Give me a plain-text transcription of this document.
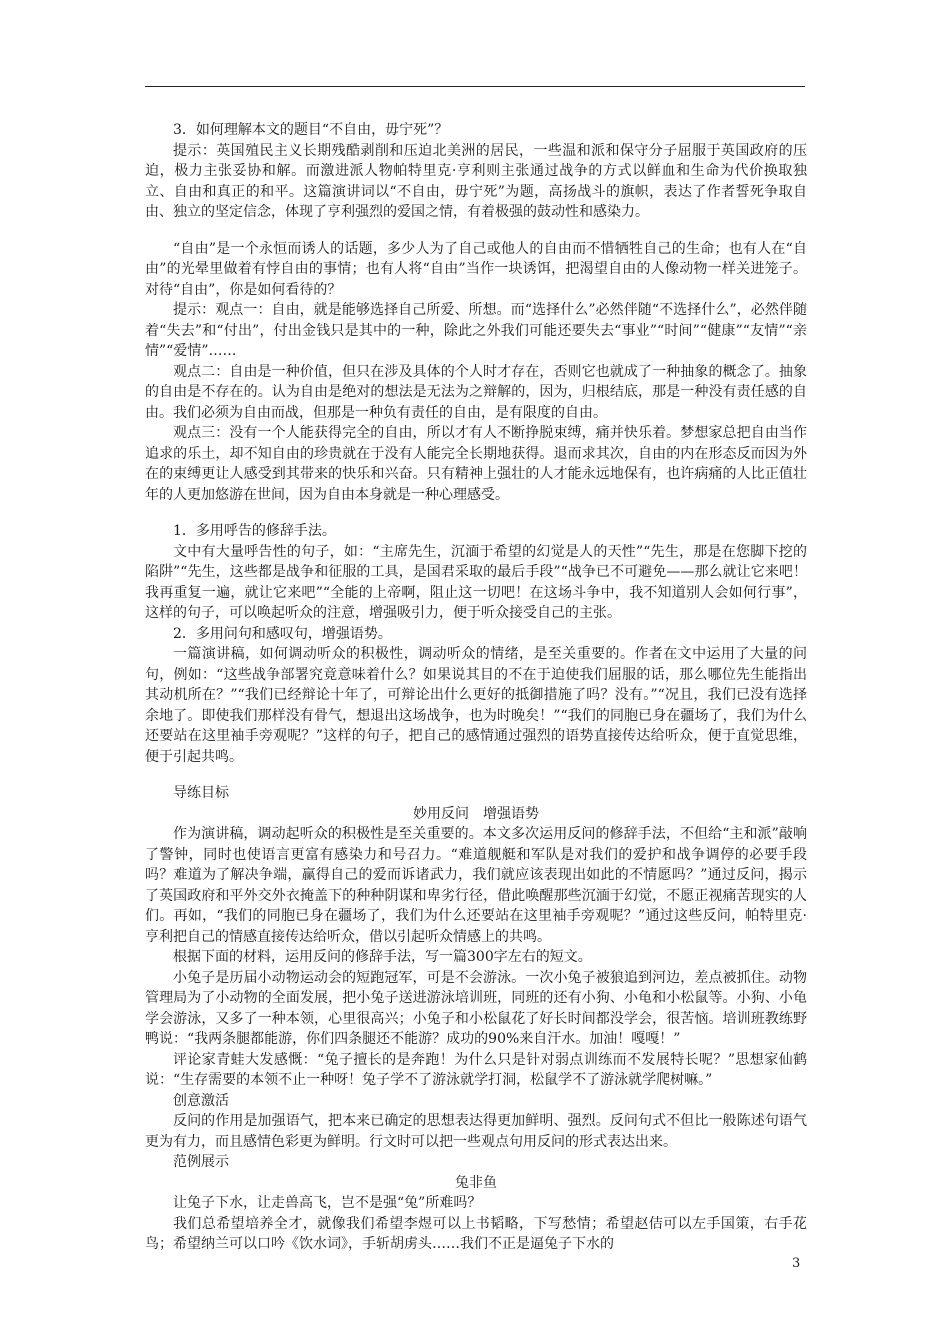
3．如何理解本文的题目“不自由，毋宁死”？

提示：英国殖民主义长期残酷剥削和压迫北美洲的居民，一些温和派和保守分子屈服于英国政府的压迫，极力主张妥协和解。而激进派人物帕特里克·亨利则主张通过战争的方式以鲜血和生命为代价换取独立、自由和真正的和平。这篇演讲词以“不自由，毋宁死”为题，高扬战斗的旗帜，表达了作者誓死争取自由、独立的坚定信念，体现了亨利强烈的爱国之情，有着极强的鼓动性和感染力。

“自由”是一个永恒而诱人的话题，多少人为了自己或他人的自由而不惜牺牲自己的生命；也有人在“自由”的光晕里做着有悖自由的事情；也有人将“自由”当作一块诱饵，把渴望自由的人像动物一样关进笼子。对待“自由”，你是如何看待的？

提示：观点一：自由，就是能够选择自己所爱、所想。而“选择什么”必然伴随“不选择什么”，必然伴随着“失去”和“付出”，付出金钱只是其中的一种，除此之外我们可能还要失去“事业”“时间”“健康”“友情”“亲情”“爱情”……

观点二：自由是一种价值，但只在涉及具体的个人时才存在，否则它也就成了一种抽象的概念了。抽象的自由是不存在的。认为自由是绝对的想法是无法为之辩解的，因为，归根结底，那是一种没有责任感的自由。我们必须为自由而战，但那是一种负有责任的自由，是有限度的自由。

观点三：没有一个人能获得完全的自由，所以才有人不断挣脱束缚，痛并快乐着。梦想家总把自由当作追求的乐土，却不知自由的珍贵就在于没有人能完全长期地获得。退而求其次，自由的内在形态反而因为外在的束缚更让人感受到其带来的快乐和兴奋。只有精神上强壮的人才能永远地保有，也许病痛的人比正值壮年的人更加悠游在世间，因为自由本身就是一种心理感受。

1．多用呼告的修辞手法。

文中有大量呼告性的句子，如：“主席先生，沉湎于希望的幻觉是人的天性”“先生，那是在您脚下挖的陷阱”“先生，这些都是战争和征服的工具，是国君采取的最后手段”“战争已不可避免——那么就让它来吧！我再重复一遍，就让它来吧”“全能的上帝啊，阻止这一切吧！在这场斗争中，我不知道别人会如何行事”，这样的句子，可以唤起听众的注意，增强吸引力，便于听众接受自己的主张。

2．多用问句和感叹句，增强语势。

一篇演讲稿，如何调动听众的积极性，调动听众的情绪，是至关重要的。作者在文中运用了大量的问句，例如：“这些战争部署究竟意味着什么？如果说其目的不在于迫使我们屈服的话，那么哪位先生能指出其动机所在？”“我们已经辩论十年了，可辩论出什么更好的抵御措施了吗？没有。”“况且，我们已没有选择余地了。即使我们那样没有骨气，想退出这场战争，也为时晚矣！”“我们的同胞已身在疆场了，我们为什么还要站在这里袖手旁观呢？”这样的句子，把自己的感情通过强烈的语势直接传达给听众，便于直觉思维，便于引起共鸣。

导练目标

妙用反问　增强语势

作为演讲稿，调动起听众的积极性是至关重要的。本文多次运用反问的修辞手法，不但给“主和派”敲响了警钟，同时也使语言更富有感染力和号召力。“难道舰艇和军队是对我们的爱护和战争调停的必要手段吗？难道为了解决争端，赢得自己的爱而诉诸武力，我们就应该表现出如此的不情愿吗？”通过反问，揭示了英国政府和平外交外衣掩盖下的种种阴谋和卑劣行径，借此唤醒那些沉湎于幻觉，不愿正视痛苦现实的人们。再如，“我们的同胞已身在疆场了，我们为什么还要站在这里袖手旁观呢？”通过这些反问，帕特里克·亨利把自己的情感直接传达给听众，借以引起听众情感上的共鸣。

根据下面的材料，运用反问的修辞手法，写一篇300字左右的短文。

小兔子是历届小动物运动会的短跑冠军，可是不会游泳。一次小兔子被狼追到河边，差点被抓住。动物管理局为了小动物的全面发展，把小兔子送进游泳培训班，同班的还有小狗、小龟和小松鼠等。小狗、小龟学会游泳，又多了一种本领，心里很高兴；小兔子和小松鼠花了好长时间都没学会，很苦恼。培训班教练野鸭说：“我两条腿都能游，你们四条腿还不能游？成功的90%来自汗水。加油！嘎嘎！”

评论家青蛙大发感慨：“兔子擅长的是奔跑！为什么只是针对弱点训练而不发展特长呢？”思想家仙鹤说：“生存需要的本领不止一种呀！兔子学不了游泳就学打洞，松鼠学不了游泳就学爬树嘛。”

创意激活

反问的作用是加强语气，把本来已确定的思想表达得更加鲜明、强烈。反问句式不但比一般陈述句语气更为有力，而且感情色彩更为鲜明。行文时可以把一些观点句用反问的形式表达出来。

范例展示

兔非鱼

让兔子下水，让走兽高飞，岂不是强“兔”所难吗？

我们总希望培养全才，就像我们希望李煜可以上书韬略，下写愁情；希望赵佶可以左手国策，右手花鸟；希望纳兰可以口吟《饮水词》，手斩胡虏头……我们不正是逼兔子下水的

3
